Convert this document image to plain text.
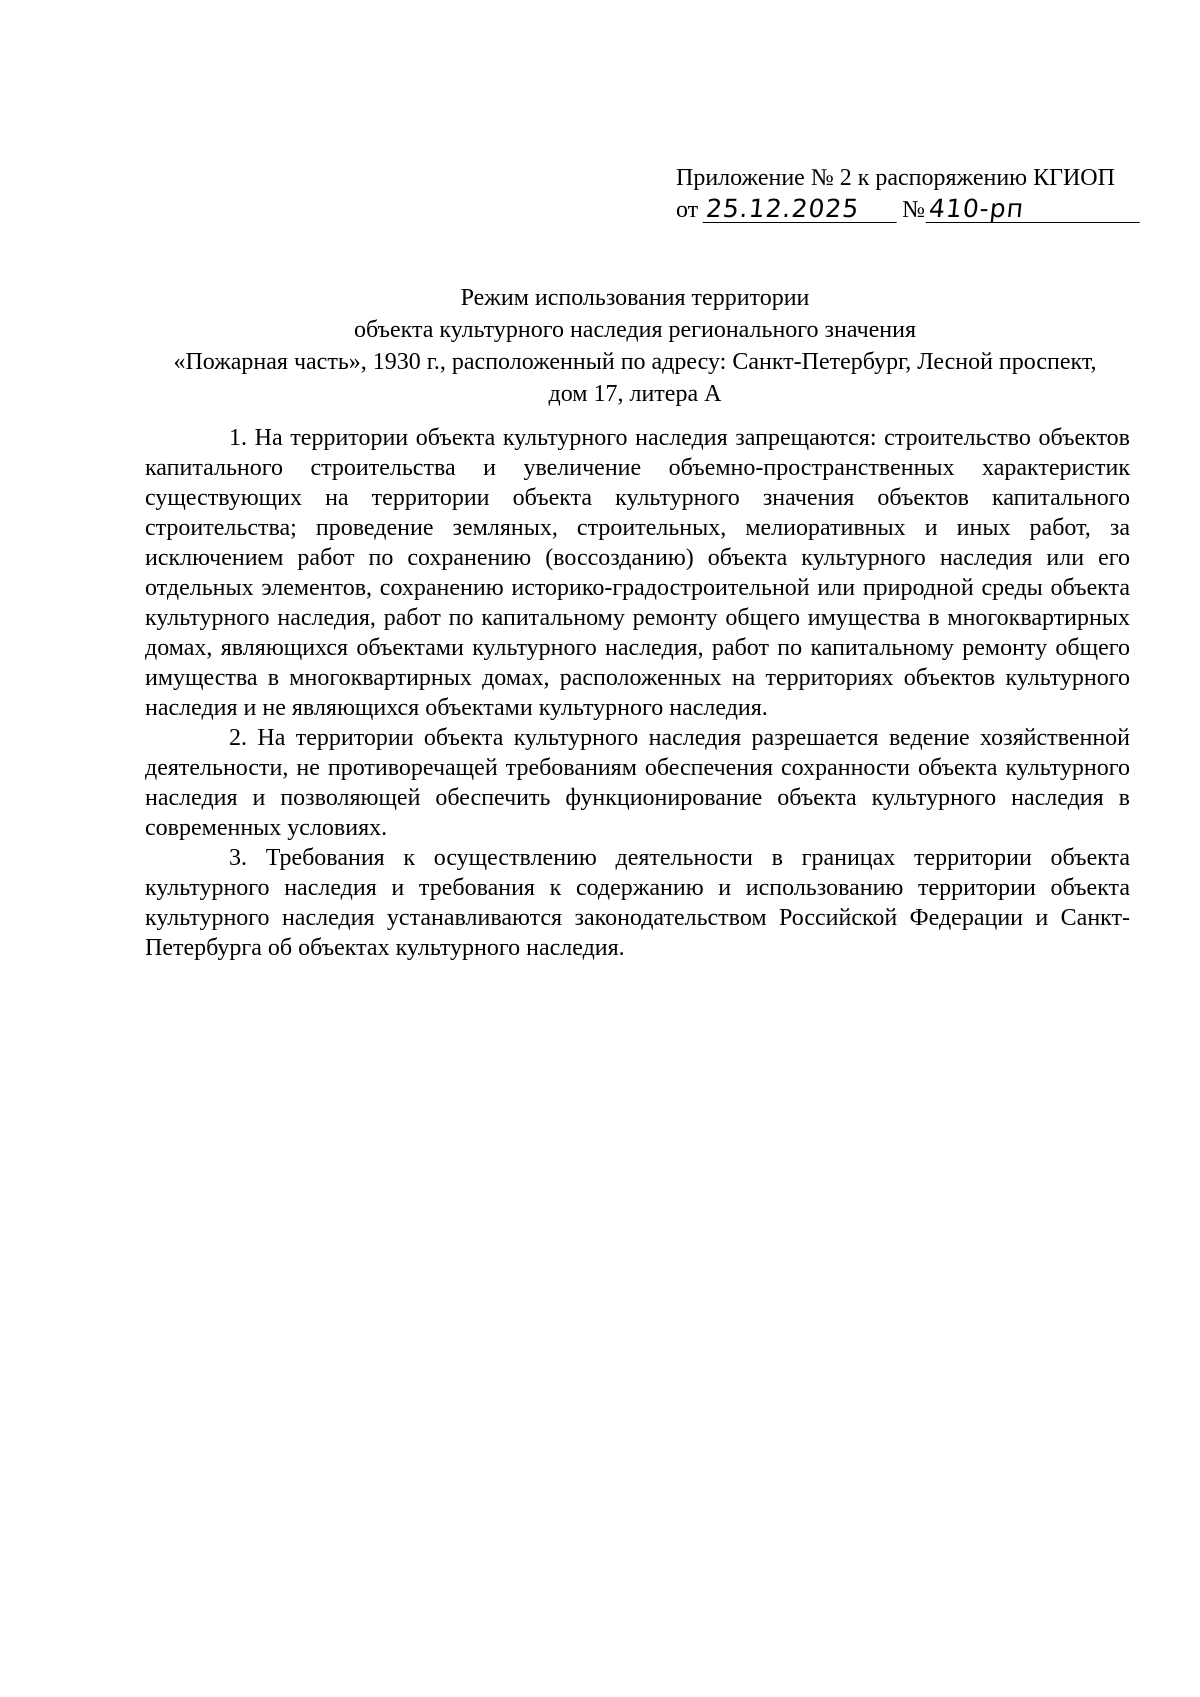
Приложение № 2 к распоряжению КГИОП
от 25.12.2025 № 410-рп
Режим использования территории
объекта культурного наследия регионального значения
«Пожарная часть», 1930 г., расположенный по адресу: Санкт-Петербург, Лесной проспект,
дом 17, литера А

1. На территории объекта культурного наследия запрещаются: строительство объектов капитального строительства и увеличение объемно-пространственных характеристик существующих на территории объекта культурного значения объектов капитального строительства; проведение земляных, строительных, мелиоративных и иных работ, за исключением работ по сохранению (воссозданию) объекта культурного наследия или его отдельных элементов, сохранению историко-градостроительной или природной среды объекта культурного наследия, работ по капитальному ремонту общего имущества в многоквартирных домах, являющихся объектами культурного наследия, работ по капитальному ремонту общего имущества в многоквартирных домах, расположенных на территориях объектов культурного наследия и не являющихся объектами культурного наследия.

2. На территории объекта культурного наследия разрешается ведение хозяйственной деятельности, не противоречащей требованиям обеспечения сохранности объекта культурного наследия и позволяющей обеспечить функционирование объекта культурного наследия в современных условиях.

3. Требования к осуществлению деятельности в границах территории объекта культурного наследия и требования к содержанию и использованию территории объекта культурного наследия устанавливаются законодательством Российской Федерации и Санкт-Петербурга об объектах культурного наследия.
